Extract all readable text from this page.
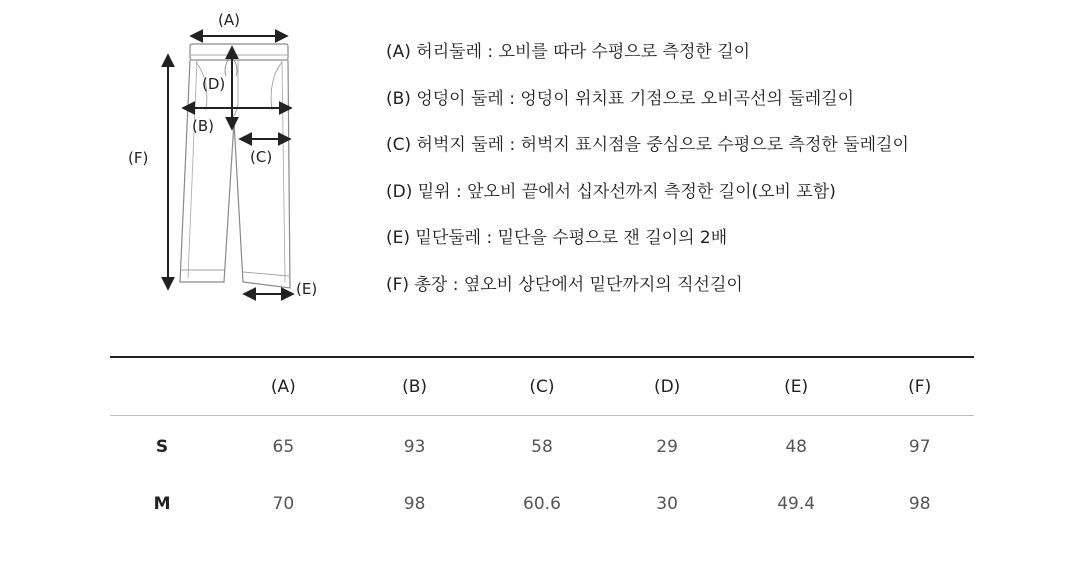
(A)
(D)
(B)
(C)
(F)
(E)
(A) 허리둘레 : 오비를 따라 수평으로 측정한 길이
(B) 엉덩이 둘레 : 엉덩이 위치표 기점으로 오비곡선의 둘레길이
(C) 허벅지 둘레 : 허벅지 표시점을 중심으로 수평으로 측정한 둘레길이
(D) 밑위 : 앞오비 끝에서 십자선까지 측정한 길이(오비 포함)
(E) 밑단둘레 : 밑단을 수평으로 잰 길이의 2배
(F) 총장 : 옆오비 상단에서 밑단까지의 직선길이
	(A)	(B)	(C)	(D)	(E)	(F)
S	65	93	58	29	48	97
M	70	98	60.6	30	49.4	98
